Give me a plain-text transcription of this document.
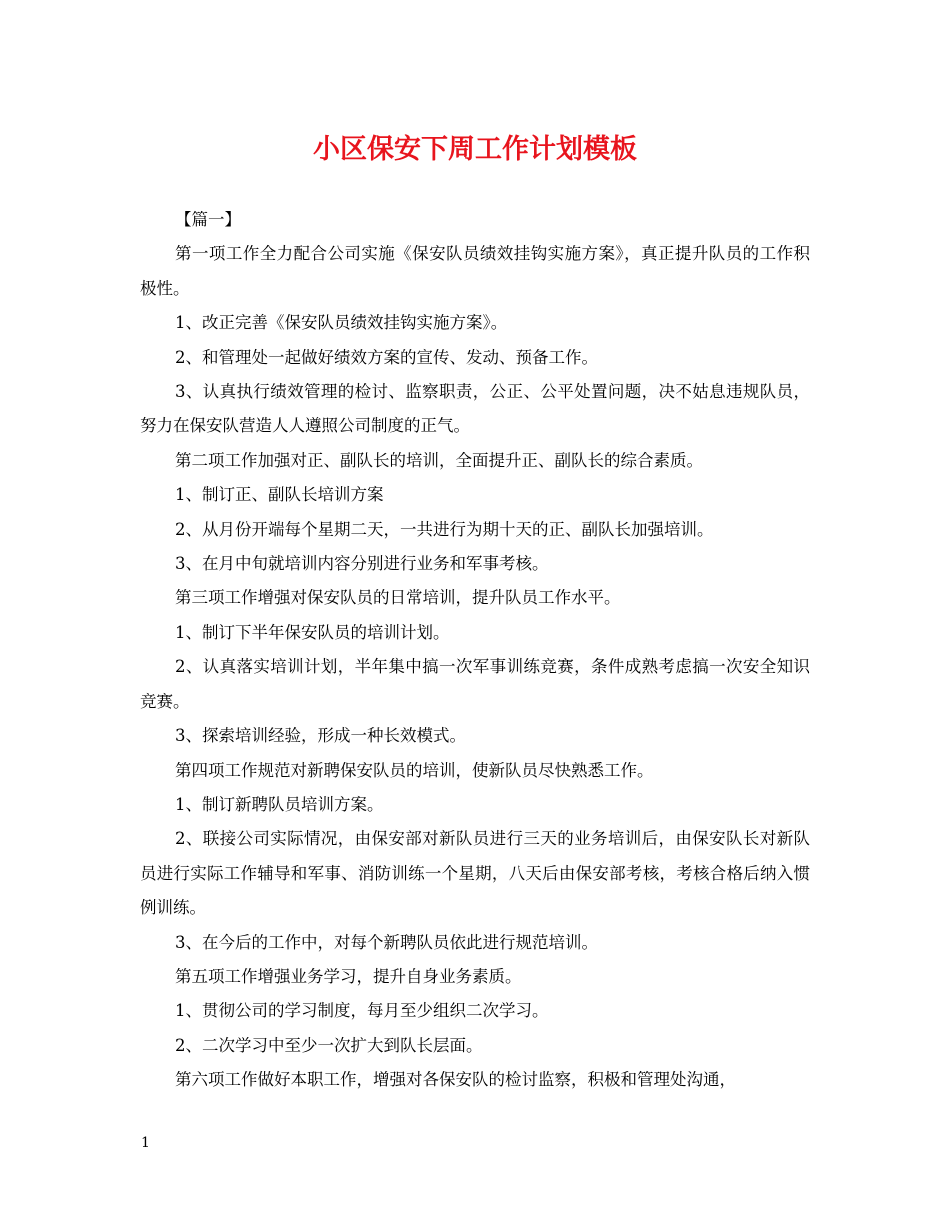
小区保安下周工作计划模板

【篇一】

第一项工作全力配合公司实施《保安队员绩效挂钩实施方案》，真正提升队员的工作积极性。

1、改正完善《保安队员绩效挂钩实施方案》。

2、和管理处一起做好绩效方案的宣传、发动、预备工作。

3、认真执行绩效管理的检讨、监察职责，公正、公平处置问题，决不姑息违规队员，努力在保安队营造人人遵照公司制度的正气。

第二项工作加强对正、副队长的培训，全面提升正、副队长的综合素质。

1、制订正、副队长培训方案

2、从月份开端每个星期二天，一共进行为期十天的正、副队长加强培训。

3、在月中旬就培训内容分别进行业务和军事考核。

第三项工作增强对保安队员的日常培训，提升队员工作水平。

1、制订下半年保安队员的培训计划。

2、认真落实培训计划，半年集中搞一次军事训练竞赛，条件成熟考虑搞一次安全知识竞赛。

3、探索培训经验，形成一种长效模式。

第四项工作规范对新聘保安队员的培训，使新队员尽快熟悉工作。

1、制订新聘队员培训方案。

2、联接公司实际情况，由保安部对新队员进行三天的业务培训后，由保安队长对新队员进行实际工作辅导和军事、消防训练一个星期，八天后由保安部考核，考核合格后纳入惯例训练。

3、在今后的工作中，对每个新聘队员依此进行规范培训。

第五项工作增强业务学习，提升自身业务素质。

1、贯彻公司的学习制度，每月至少组织二次学习。

2、二次学习中至少一次扩大到队长层面。

第六项工作做好本职工作，增强对各保安队的检讨监察，积极和管理处沟通，

1
